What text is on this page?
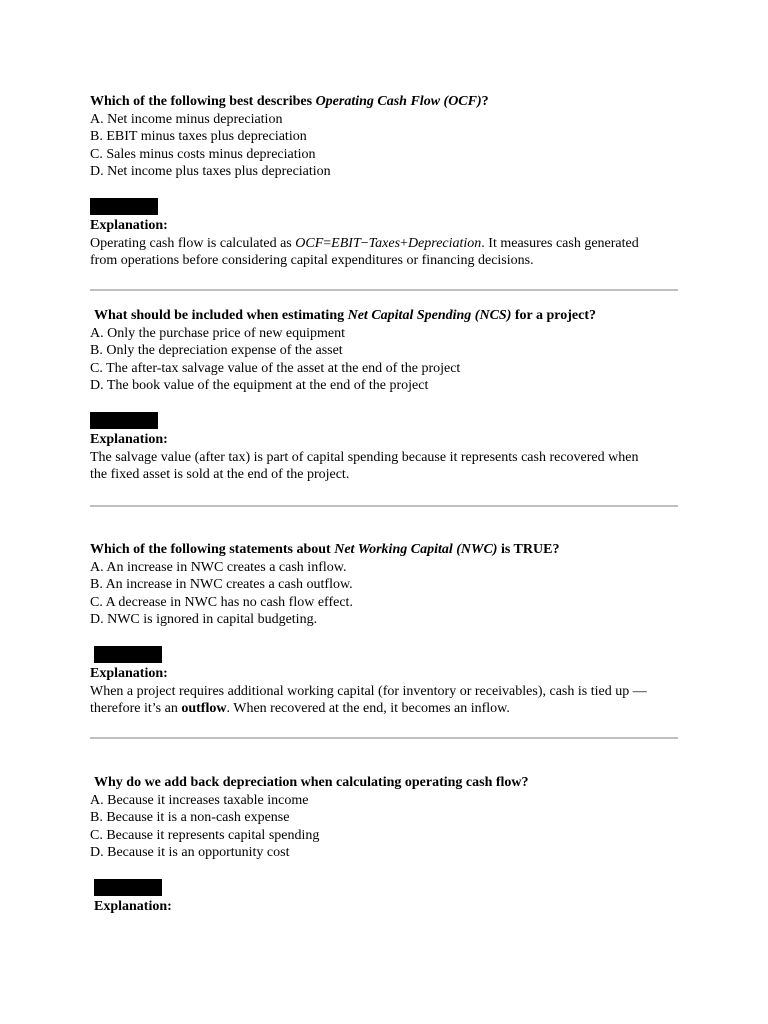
Which of the following best describes Operating Cash Flow (OCF)?
A. Net income minus depreciation
B. EBIT minus taxes plus depreciation
C. Sales minus costs minus depreciation
D. Net income plus taxes plus depreciation
Explanation:
Operating cash flow is calculated as OCF=EBIT−Taxes+Depreciation. It measures cash generated from operations before considering capital expenditures or financing decisions.
What should be included when estimating Net Capital Spending (NCS) for a project?
A. Only the purchase price of new equipment
B. Only the depreciation expense of the asset
C. The after-tax salvage value of the asset at the end of the project
D. The book value of the equipment at the end of the project
Explanation:
The salvage value (after tax) is part of capital spending because it represents cash recovered when the fixed asset is sold at the end of the project.
Which of the following statements about Net Working Capital (NWC) is TRUE?
A. An increase in NWC creates a cash inflow.
B. An increase in NWC creates a cash outflow.
C. A decrease in NWC has no cash flow effect.
D. NWC is ignored in capital budgeting.
Explanation:
When a project requires additional working capital (for inventory or receivables), cash is tied up — therefore it’s an outflow. When recovered at the end, it becomes an inflow.
Why do we add back depreciation when calculating operating cash flow?
A. Because it increases taxable income
B. Because it is a non-cash expense
C. Because it represents capital spending
D. Because it is an opportunity cost
Explanation:
